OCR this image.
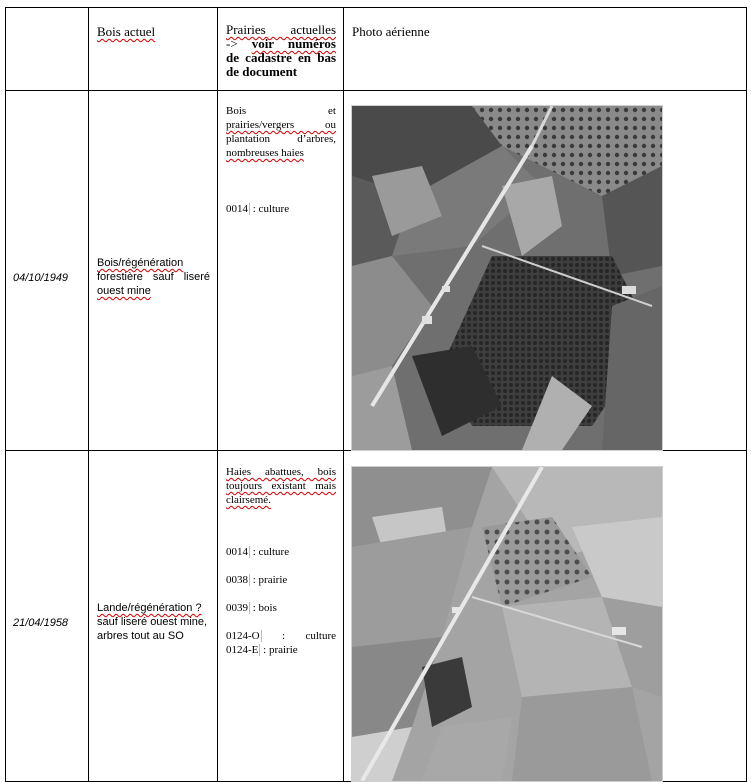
Bois actuel	Prairies actuelles
-> voir numéros
de cadastre en bas
de document
Photo aérienne
04/10/1949
Bois/régénération
forestière sauf liseré
ouest mine
Bois et
prairies/vergers ou
plantation d’arbres,
nombreuses haies
0014 : culture
21/04/1958
Lande/régénération ?
sauf liseré ouest mine,
arbres tout au SO
Haies abattues, bois
toujours existant mais
clairsemé.
0014 : culture
0038 : prairie
0039 : bois
0124-O : culture
0124-E : prairie
